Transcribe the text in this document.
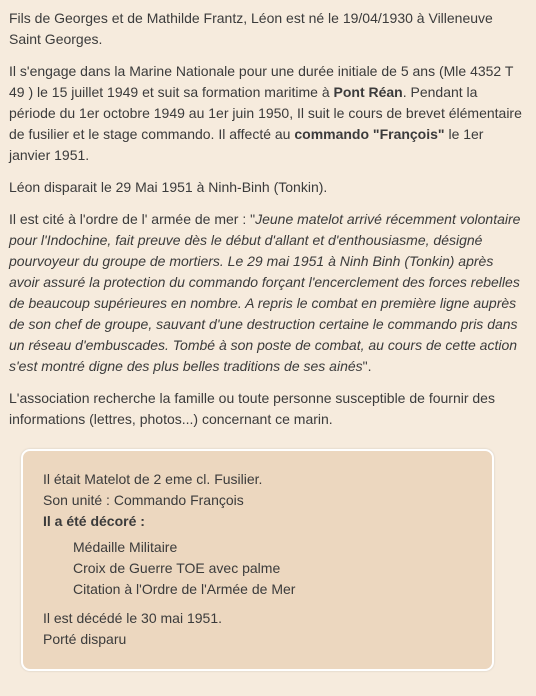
Fils de Georges et de Mathilde Frantz, Léon est né le 19/04/1930 à Villeneuve Saint Georges.

Il s'engage dans la Marine Nationale pour une durée initiale de 5 ans (Mle 4352 T 49 ) le 15 juillet 1949 et suit sa formation maritime à Pont Réan. Pendant la période du 1er octobre 1949 au 1er juin 1950, Il suit le cours de brevet élémentaire de fusilier et le stage commando. Il affecté au commando "François" le 1er janvier 1951.

Léon disparait le 29 Mai 1951 à Ninh-Binh (Tonkin).

Il est cité à l'ordre de l' armée de mer : "Jeune matelot arrivé récemment volontaire pour l'Indochine, fait preuve dès le début d'allant et d'enthousiasme, désigné pourvoyeur du groupe de mortiers. Le 29 mai 1951 à Ninh Binh (Tonkin) après avoir assuré la protection du commando forçant l'encerclement des forces rebelles de beaucoup supérieures en nombre. A repris le combat en première ligne auprès de son chef de groupe, sauvant d'une destruction certaine le commando pris dans un réseau d'embuscades. Tombé à son poste de combat, au cours de cette action s'est montré digne des plus belles traditions de ses ainés".

L'association recherche la famille ou toute personne susceptible de fournir des informations (lettres, photos...) concernant ce marin.

Il était Matelot de 2 eme cl. Fusilier.
Son unité : Commando François
Il a été décoré :
Médaille Militaire
Croix de Guerre TOE avec palme
Citation à l'Ordre de l'Armée de Mer
Il est décédé le 30 mai 1951.
Porté disparu
